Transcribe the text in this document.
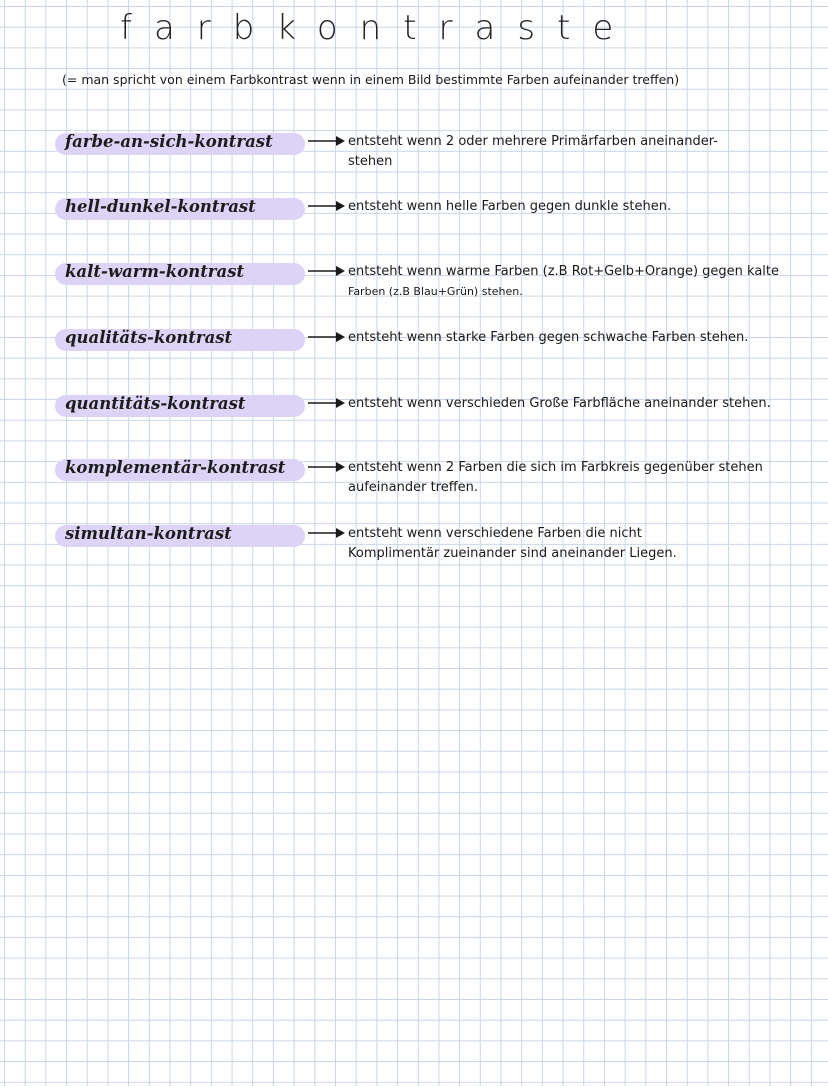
farbkontraste
(= man spricht von einem Farbkontrast wenn in einem Bild bestimmte Farben aufeinander treffen)
farbe-an-sich-kontrast	entsteht wenn 2 oder mehrere Primärfarben aneinander-
stehen
hell-dunkel-kontrast	entsteht wenn helle Farben gegen dunkle stehen.
kalt-warm-kontrast	entsteht wenn warme Farben (z.B Rot+Gelb+Orange) gegen kalte
Farben (z.B Blau+Grün) stehen.
qualitäts-kontrast	entsteht wenn starke Farben gegen schwache Farben stehen.
quantitäts-kontrast	entsteht wenn verschieden Große Farbfläche aneinander stehen.
komplementär-kontrast	entsteht wenn 2 Farben die sich im Farbkreis gegenüber stehen
aufeinander treffen.
simultan-kontrast	entsteht wenn verschiedene Farben die nicht
Komplimentär zueinander sind aneinander Liegen.
